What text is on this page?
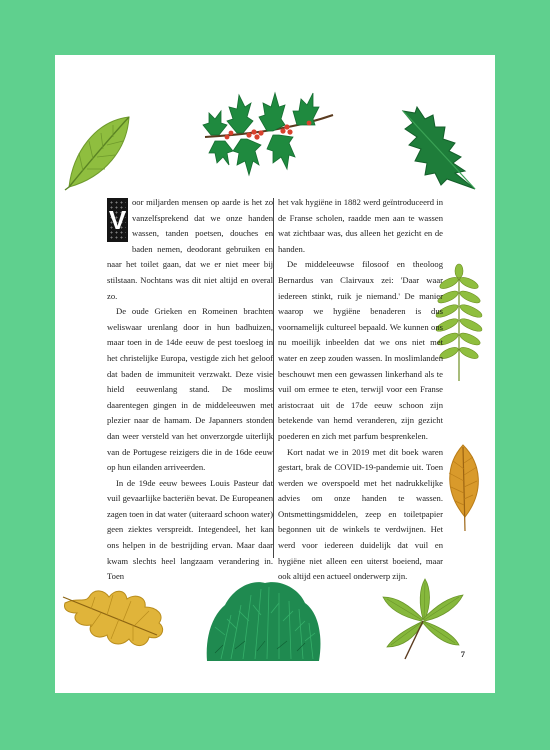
V
oor miljarden mensen op aarde is het zo vanzelfsprekend dat we onze handen wassen, tanden poetsen, douches en baden nemen, deodorant gebruiken en naar het toilet gaan, dat we er niet meer bij stilstaan. Nochtans was dit niet altijd en overal zo.

De oude Grieken en Romeinen brachten weliswaar urenlang door in hun badhuizen, maar toen in de 14de eeuw de pest toesloeg in het christelijke Europa, vestigde zich het geloof dat baden de immuniteit verzwakt. Deze visie hield eeuwenlang stand. De moslims daarentegen gingen in de middeleeuwen met plezier naar de hamam. De Japanners stonden dan weer versteld van het onverzorgde uiterlijk van de Portugese reizigers die in de 16de eeuw op hun eilanden arriveerden.

In de 19de eeuw bewees Louis Pasteur dat vuil gevaarlijke bacteriën bevat. De Europeanen zagen toen in dat water (uiteraard schoon water) geen ziektes verspreidt. Integendeel, het kan ons helpen in de bestrijding ervan. Maar daar kwam slechts heel langzaam verandering in. Toen

het vak hygiëne in 1882 werd geïntroduceerd in de Franse scholen, raadde men aan te wassen wat zichtbaar was, dus alleen het gezicht en de handen.

De middeleeuwse filosoof en theoloog Bernardus van Clairvaux zei: 'Daar waar iedereen stinkt, ruik je niemand.' De manier waarop we hygiëne benaderen is dus voornamelijk cultureel bepaald. We kunnen ons nu moeilijk inbeelden dat we ons niet met water en zeep zouden wassen. In moslimlanden beschouwt men een gewassen linkerhand als te vuil om ermee te eten, terwijl voor een Franse aristocraat uit de 17de eeuw schoon zijn betekende van hemd veranderen, zijn gezicht poederen en zich met parfum besprenkelen.

Kort nadat we in 2019 met dit boek waren gestart, brak de COVID-19-pandemie uit. Toen werden we overspoeld met het nadrukkelijke advies om onze handen te wassen. Ontsmettingsmiddelen, zeep en toiletpapier begonnen uit de winkels te verdwijnen. Het werd voor iedereen duidelijk dat vuil en hygiëne niet alleen een uiterst boeiend, maar ook altijd een actueel onderwerp zijn.

7
